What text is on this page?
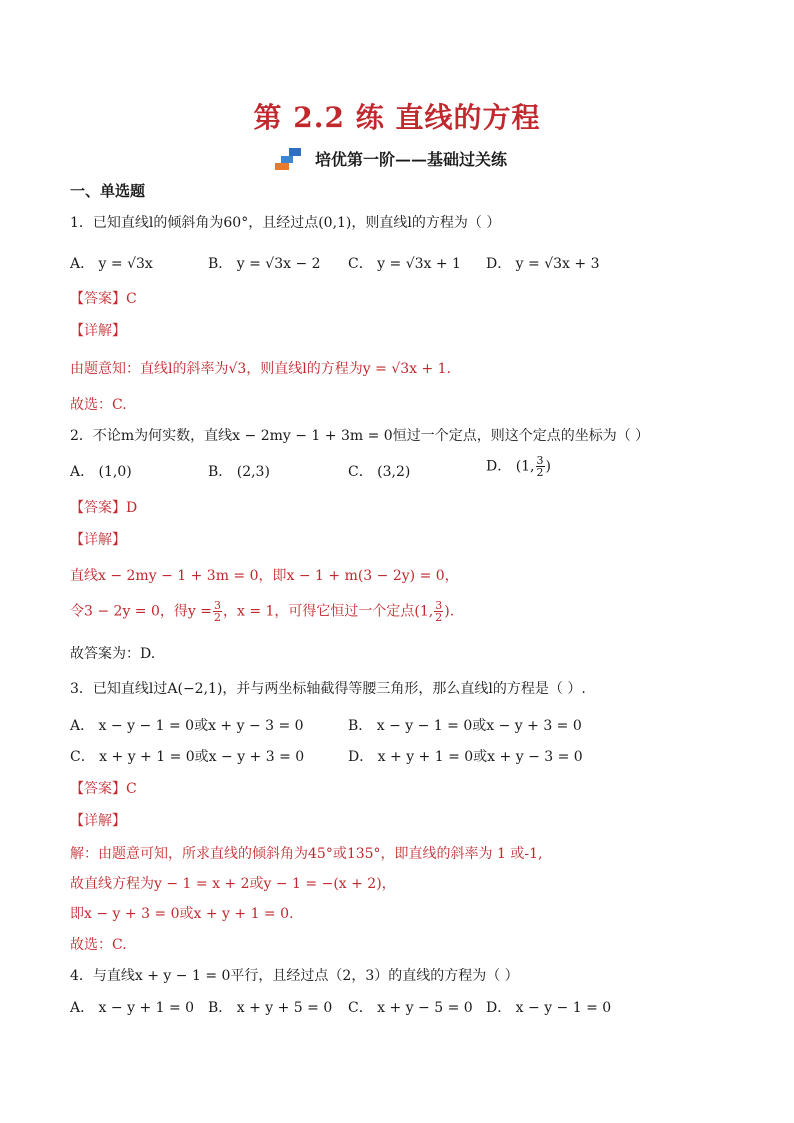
第 2.2 练 直线的方程
培优第一阶——基础过关练
一、单选题
1．已知直线l的倾斜角为60°，且经过点(0,1)，则直线l的方程为（ ）
A． y = √3x	B． y = √3x − 2 C． y = √3x + 1 D． y = √3x + 3
【答案】C
【详解】
由题意知：直线l的斜率为√3，则直线l的方程为y = √3x + 1.
故选：C.
2．不论m为何实数，直线x − 2my − 1 + 3m = 0恒过一个定点，则这个定点的坐标为（ ）
A． (1,0)	B． (2,3)	C． (3,2)	D． (1, $\frac{3}{2}$ )
【答案】D
【详解】
直线x − 2my − 1 + 3m = 0，即x − 1 + m(3 − 2y) = 0，
令3 − 2y = 0，得$y = \frac{3}{2}$ ，x = 1，可得它恒过一个定点(1, $\frac{3}{2}$ ).
故答案为：D.
3．已知直线l过A(−2,1)，并与两坐标轴截得等腰三角形，那么直线l的方程是（ ）.
A． x − y − 1 = 0或x + y − 3 = 0	B． x − y − 1 = 0或x − y + 3 = 0
C． x + y + 1 = 0或x − y + 3 = 0	D． x + y + 1 = 0或x + y − 3 = 0
【答案】C
【详解】
解：由题意可知，所求直线的倾斜角为45°或135°，即直线的斜率为 1 或-1,
故直线方程为y − 1 = x + 2或y − 1 = −(x + 2)，
即x − y + 3 = 0或x + y + 1 = 0.
故选：C.
4．与直线x + y − 1 = 0平行，且经过点（2，3）的直线的方程为（ ）
A． x − y + 1 = 0 B． x + y + 5 = 0 C． x + y − 5 = 0 D． x − y − 1 = 0
